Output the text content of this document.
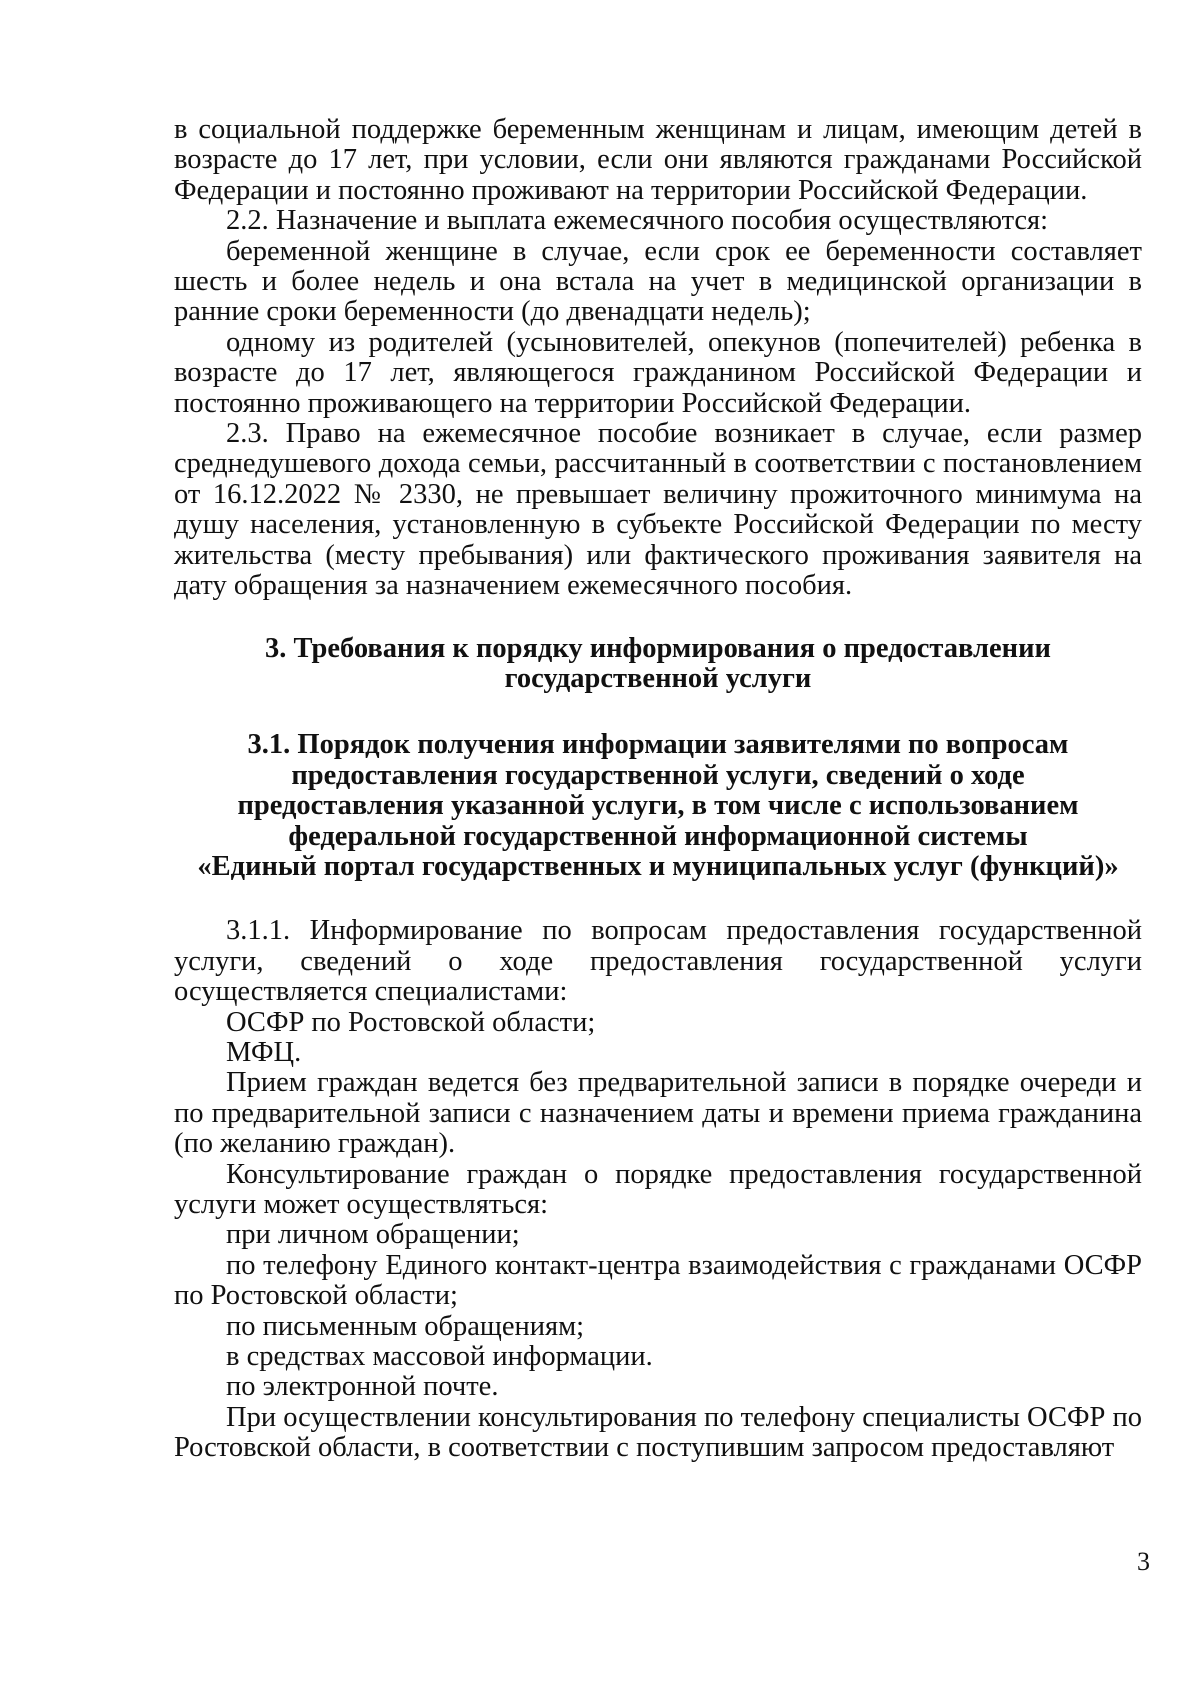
в социальной поддержке беременным женщинам и лицам, имеющим детей в возрасте до 17 лет, при условии, если они являются гражданами Российской Федерации и постоянно проживают на территории Российской Федерации.

2.2. Назначение и выплата ежемесячного пособия осуществляются:

беременной женщине в случае, если срок ее беременности составляет шесть и более недель и она встала на учет в медицинской организации в ранние сроки беременности (до двенадцати недель);

одному из родителей (усыновителей, опекунов (попечителей) ребенка в возрасте до 17 лет, являющегося гражданином Российской Федерации и постоянно проживающего на территории Российской Федерации.

2.3. Право на ежемесячное пособие возникает в случае, если размер среднедушевого дохода семьи, рассчитанный в соответствии с постановлением от 16.12.2022 № 2330, не превышает величину прожиточного минимума на душу населения, установленную в субъекте Российской Федерации по месту жительства (месту пребывания) или фактического проживания заявителя на дату обращения за назначением ежемесячного пособия.

3. Требования к порядку информирования о предоставлении
государственной услуги
3.1. Порядок получения информации заявителями по вопросам
предоставления государственной услуги, сведений о ходе
предоставления указанной услуги, в том числе с использованием
федеральной государственной информационной системы
«Единый портал государственных и муниципальных услуг (функций)»

3.1.1. Информирование по вопросам предоставления государственной услуги, сведений о ходе предоставления государственной услуги осуществляется специалистами:

ОСФР по Ростовской области;

МФЦ.

Прием граждан ведется без предварительной записи в порядке очереди и по предварительной записи с назначением даты и времени приема гражданина (по желанию граждан).

Консультирование граждан о порядке предоставления государственной услуги может осуществляться:

при личном обращении;

по телефону Единого контакт-центра взаимодействия с гражданами ОСФР по Ростовской области;

по письменным обращениям;

в средствах массовой информации.

по электронной почте.

При осуществлении консультирования по телефону специалисты ОСФР по Ростовской области, в соответствии с поступившим запросом предоставляют

3
